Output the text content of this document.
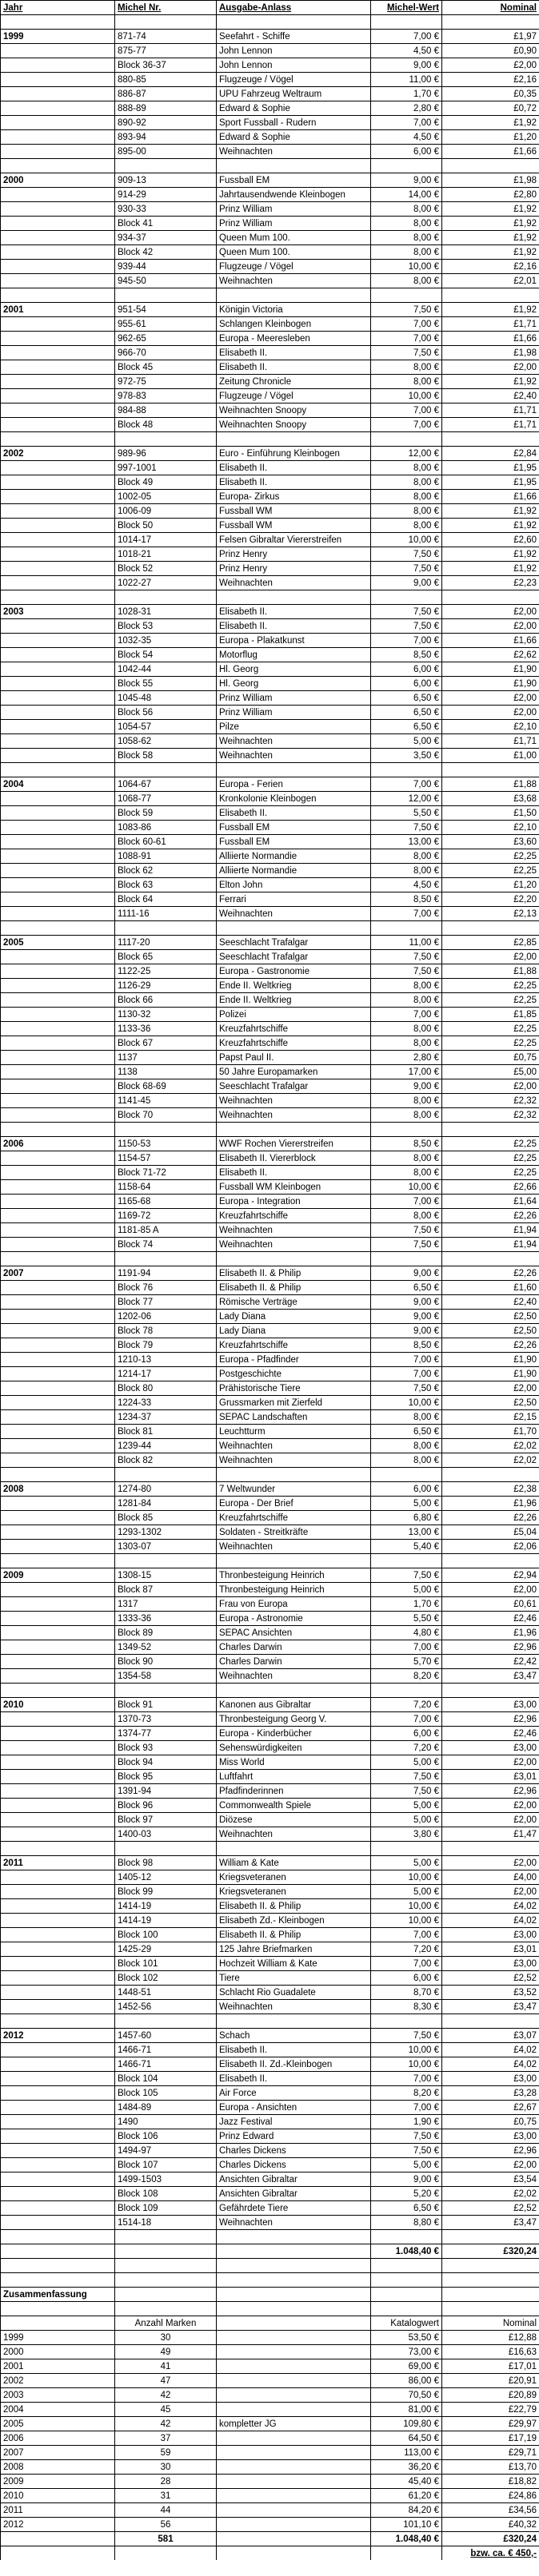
Jahr	Michel Nr.	Ausgabe-Anlass	Michel-Wert	Nominal

1999	871-74	Seefahrt - Schiffe	7,00 €	£1,97
	875-77	John Lennon	4,50 €	£0,90
	Block 36-37	John Lennon	9,00 €	£2,00
	880-85	Flugzeuge / Vögel	11,00 €	£2,16
	886-87	UPU Fahrzeug Weltraum	1,70 €	£0,35
	888-89	Edward & Sophie	2,80 €	£0,72
	890-92	Sport Fussball - Rudern	7,00 €	£1,92
	893-94	Edward & Sophie	4,50 €	£1,20
	895-00	Weihnachten	6,00 €	£1,66

2000	909-13	Fussball EM	9,00 €	£1,98
	914-29	Jahrtausendwende Kleinbogen	14,00 €	£2,80
	930-33	Prinz William	8,00 €	£1,92
	Block 41	Prinz William	8,00 €	£1,92
	934-37	Queen Mum 100.	8,00 €	£1,92
	Block 42	Queen Mum 100.	8,00 €	£1,92
	939-44	Flugzeuge / Vögel	10,00 €	£2,16
	945-50	Weihnachten	8,00 €	£2,01

2001	951-54	Königin Victoria	7,50 €	£1,92
	955-61	Schlangen Kleinbogen	7,00 €	£1,71
	962-65	Europa - Meeresleben	7,00 €	£1,66
	966-70	Elisabeth II.	7,50 €	£1,98
	Block 45	Elisabeth II.	8,00 €	£2,00
	972-75	Zeitung Chronicle	8,00 €	£1,92
	978-83	Flugzeuge / Vögel	10,00 €	£2,40
	984-88	Weihnachten Snoopy	7,00 €	£1,71
	Block 48	Weihnachten Snoopy	7,00 €	£1,71

2002	989-96	Euro - Einführung Kleinbogen	12,00 €	£2,84
	997-1001	Elisabeth II.	8,00 €	£1,95
	Block 49	Elisabeth II.	8,00 €	£1,95
	1002-05	Europa- Zirkus	8,00 €	£1,66
	1006-09	Fussball WM	8,00 €	£1,92
	Block 50	Fussball WM	8,00 €	£1,92
	1014-17	Felsen Gibraltar Viererstreifen	10,00 €	£2,60
	1018-21	Prinz Henry	7,50 €	£1,92
	Block 52	Prinz Henry	7,50 €	£1,92
	1022-27	Weihnachten	9,00 €	£2,23

2003	1028-31	Elisabeth II.	7,50 €	£2,00
	Block 53	Elisabeth II.	7,50 €	£2,00
	1032-35	Europa - Plakatkunst	7,00 €	£1,66
	Block 54	Motorflug	8,50 €	£2,62
	1042-44	Hl. Georg	6,00 €	£1,90
	Block 55	Hl. Georg	6,00 €	£1,90
	1045-48	Prinz William	6,50 €	£2,00
	Block 56	Prinz William	6,50 €	£2,00
	1054-57	Pilze	6,50 €	£2,10
	1058-62	Weihnachten	5,00 €	£1,71
	Block 58	Weihnachten	3,50 €	£1,00

2004	1064-67	Europa - Ferien	7,00 €	£1,88
	1068-77	Kronkolonie Kleinbogen	12,00 €	£3,68
	Block 59	Elisabeth II.	5,50 €	£1,50
	1083-86	Fussball EM	7,50 €	£2,10
	Block 60-61	Fussball EM	13,00 €	£3,60
	1088-91	Alliierte Normandie	8,00 €	£2,25
	Block 62	Alliierte Normandie	8,00 €	£2,25
	Block 63	Elton John	4,50 €	£1,20
	Block 64	Ferrari	8,50 €	£2,20
	1111-16	Weihnachten	7,00 €	£2,13

2005	1117-20	Seeschlacht Trafalgar	11,00 €	£2,85
	Block 65	Seeschlacht Trafalgar	7,50 €	£2,00
	1122-25	Europa - Gastronomie	7,50 €	£1,88
	1126-29	Ende II. Weltkrieg	8,00 €	£2,25
	Block 66	Ende II. Weltkrieg	8,00 €	£2,25
	1130-32	Polizei	7,00 €	£1,85
	1133-36	Kreuzfahrtschiffe	8,00 €	£2,25
	Block 67	Kreuzfahrtschiffe	8,00 €	£2,25
	1137	Papst Paul II.	2,80 €	£0,75
	1138	50 Jahre Europamarken	17,00 €	£5,00
	Block 68-69	Seeschlacht Trafalgar	9,00 €	£2,00
	1141-45	Weihnachten	8,00 €	£2,32
	Block 70	Weihnachten	8,00 €	£2,32

2006	1150-53	WWF Rochen Viererstreifen	8,50 €	£2,25
	1154-57	Elisabeth II. Viererblock	8,00 €	£2,25
	Block 71-72	Elisabeth II.	8,00 €	£2,25
	1158-64	Fussball WM Kleinbogen	10,00 €	£2,66
	1165-68	Europa - Integration	7,00 €	£1,64
	1169-72	Kreuzfahrtschiffe	8,00 €	£2,26
	1181-85 A	Weihnachten	7,50 €	£1,94
	Block 74	Weihnachten	7,50 €	£1,94

2007	1191-94	Elisabeth II. & Philip	9,00 €	£2,26
	Block 76	Elisabeth II. & Philip	6,50 €	£1,60
	Block 77	Römische Verträge	9,00 €	£2,40
	1202-06	Lady Diana	9,00 €	£2,50
	Block 78	Lady Diana	9,00 €	£2,50
	Block 79	Kreuzfahrtschiffe	8,50 €	£2,26
	1210-13	Europa - Pfadfinder	7,00 €	£1,90
	1214-17	Postgeschichte	7,00 €	£1,90
	Block 80	Prähistorische Tiere	7,50 €	£2,00
	1224-33	Grussmarken mit Zierfeld	10,00 €	£2,50
	1234-37	SEPAC Landschaften	8,00 €	£2,15
	Block 81	Leuchtturm	6,50 €	£1,70
	1239-44	Weihnachten	8,00 €	£2,02
	Block 82	Weihnachten	8,00 €	£2,02

2008	1274-80	7 Weltwunder	6,00 €	£2,38
	1281-84	Europa - Der Brief	5,00 €	£1,96
	Block 85	Kreuzfahrtschiffe	6,80 €	£2,26
	1293-1302	Soldaten - Streitkräfte	13,00 €	£5,04
	1303-07	Weihnachten	5,40 €	£2,06

2009	1308-15	Thronbesteigung Heinrich	7,50 €	£2,94
	Block 87	Thronbesteigung Heinrich	5,00 €	£2,00
	1317	Frau von Europa	1,70 €	£0,61
	1333-36	Europa - Astronomie	5,50 €	£2,46
	Block 89	SEPAC Ansichten	4,80 €	£1,96
	1349-52	Charles Darwin	7,00 €	£2,96
	Block 90	Charles Darwin	5,70 €	£2,42
	1354-58	Weihnachten	8,20 €	£3,47

2010	Block 91	Kanonen aus Gibraltar	7,20 €	£3,00
	1370-73	Thronbesteigung Georg V.	7,00 €	£2,96
	1374-77	Europa - Kinderbücher	6,00 €	£2,46
	Block 93	Sehenswürdigkeiten	7,20 €	£3,00
	Block 94	Miss World	5,00 €	£2,00
	Block 95	Luftfahrt	7,50 €	£3,01
	1391-94	Pfadfinderinnen	7,50 €	£2,96
	Block 96	Commonwealth Spiele	5,00 €	£2,00
	Block 97	Diözese	5,00 €	£2,00
	1400-03	Weihnachten	3,80 €	£1,47

2011	Block 98	William & Kate	5,00 €	£2,00
	1405-12	Kriegsveteranen	10,00 €	£4,00
	Block 99	Kriegsveteranen	5,00 €	£2,00
	1414-19	Elisabeth II. & Philip	10,00 €	£4,02
	1414-19	Elisabeth Zd.- Kleinbogen	10,00 €	£4,02
	Block 100	Elisabeth II. & Philip	7,00 €	£3,00
	1425-29	125 Jahre Briefmarken	7,20 €	£3,01
	Block 101	Hochzeit William & Kate	7,00 €	£3,00
	Block 102	Tiere	6,00 €	£2,52
	1448-51	Schlacht Rio Guadalete	8,70 €	£3,52
	1452-56	Weihnachten	8,30 €	£3,47

2012	1457-60	Schach	7,50 €	£3,07
	1466-71	Elisabeth II.	10,00 €	£4,02
	1466-71	Elisabeth II. Zd.-Kleinbogen	10,00 €	£4,02
	Block 104	Elisabeth II.	7,00 €	£3,00
	Block 105	Air Force	8,20 €	£3,28
	1484-89	Europa - Ansichten	7,00 €	£2,67
	1490	Jazz Festival	1,90 €	£0,75
	Block 106	Prinz Edward	7,50 €	£3,00
	1494-97	Charles Dickens	7,50 €	£2,96
	Block 107	Charles Dickens	5,00 €	£2,00
	1499-1503	Ansichten Gibraltar	9,00 €	£3,54
	Block 108	Ansichten Gibraltar	5,20 €	£2,02
	Block 109	Gefährdete Tiere	6,50 €	£2,52
	1514-18	Weihnachten	8,80 €	£3,47

			1.048,40 €	£320,24

Zusammenfassung				

	Anzahl Marken		Katalogwert	Nominal
1999	30		53,50 €	£12,88
2000	49		73,00 €	£16,63
2001	41		69,00 €	£17,01
2002	47		86,00 €	£20,91
2003	42		70,50 €	£20,89
2004	45		81,00 €	£22,79
2005	42	kompletter JG	109,80 €	£29,97
2006	37		64,50 €	£17,19
2007	59		113,00 €	£29,71
2008	30		36,20 €	£13,70
2009	28		45,40 €	£18,82
2010	31		61,20 €	£24,86
2011	44		84,20 €	£34,56
2012	56		101,10 €	£40,32
	581		1.048,40 €	£320,24
				bzw. ca. € 450,-
